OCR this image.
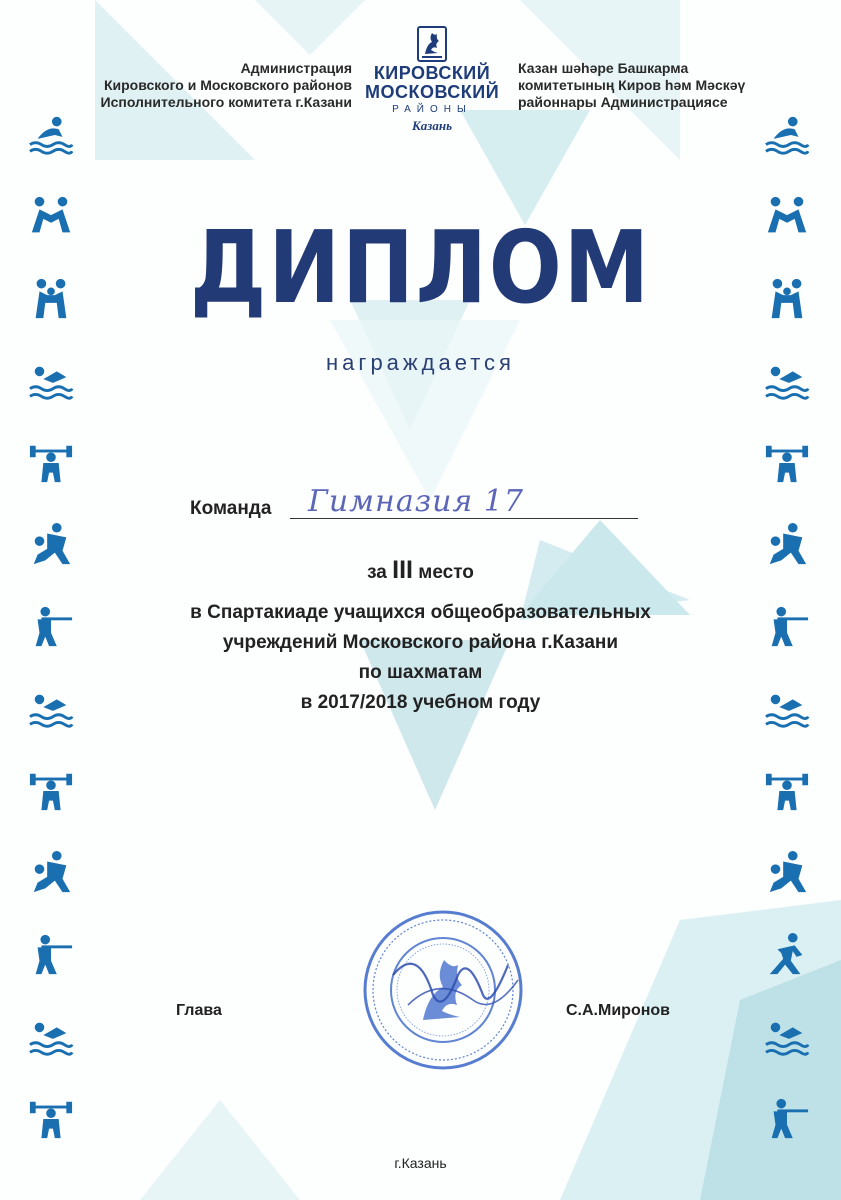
Администрация
Кировского и Московского районов
Исполнительного комитета г.Казани
КИРОВСКИЙ
МОСКОВСКИЙ
РАЙОНЫ
Казань
Казан шәһәре Башкарма
комитетының Киров һәм Мәскәү
районнары Администрациясе
ДИПЛОМ
награждается
Команда Гимназия 17
за III место
в Спартакиаде учащихся общеобразовательных
учреждений Московского района г.Казани
по шахматам
в 2017/2018 учебном году
Глава	С.А.Миронов
г.Казань
